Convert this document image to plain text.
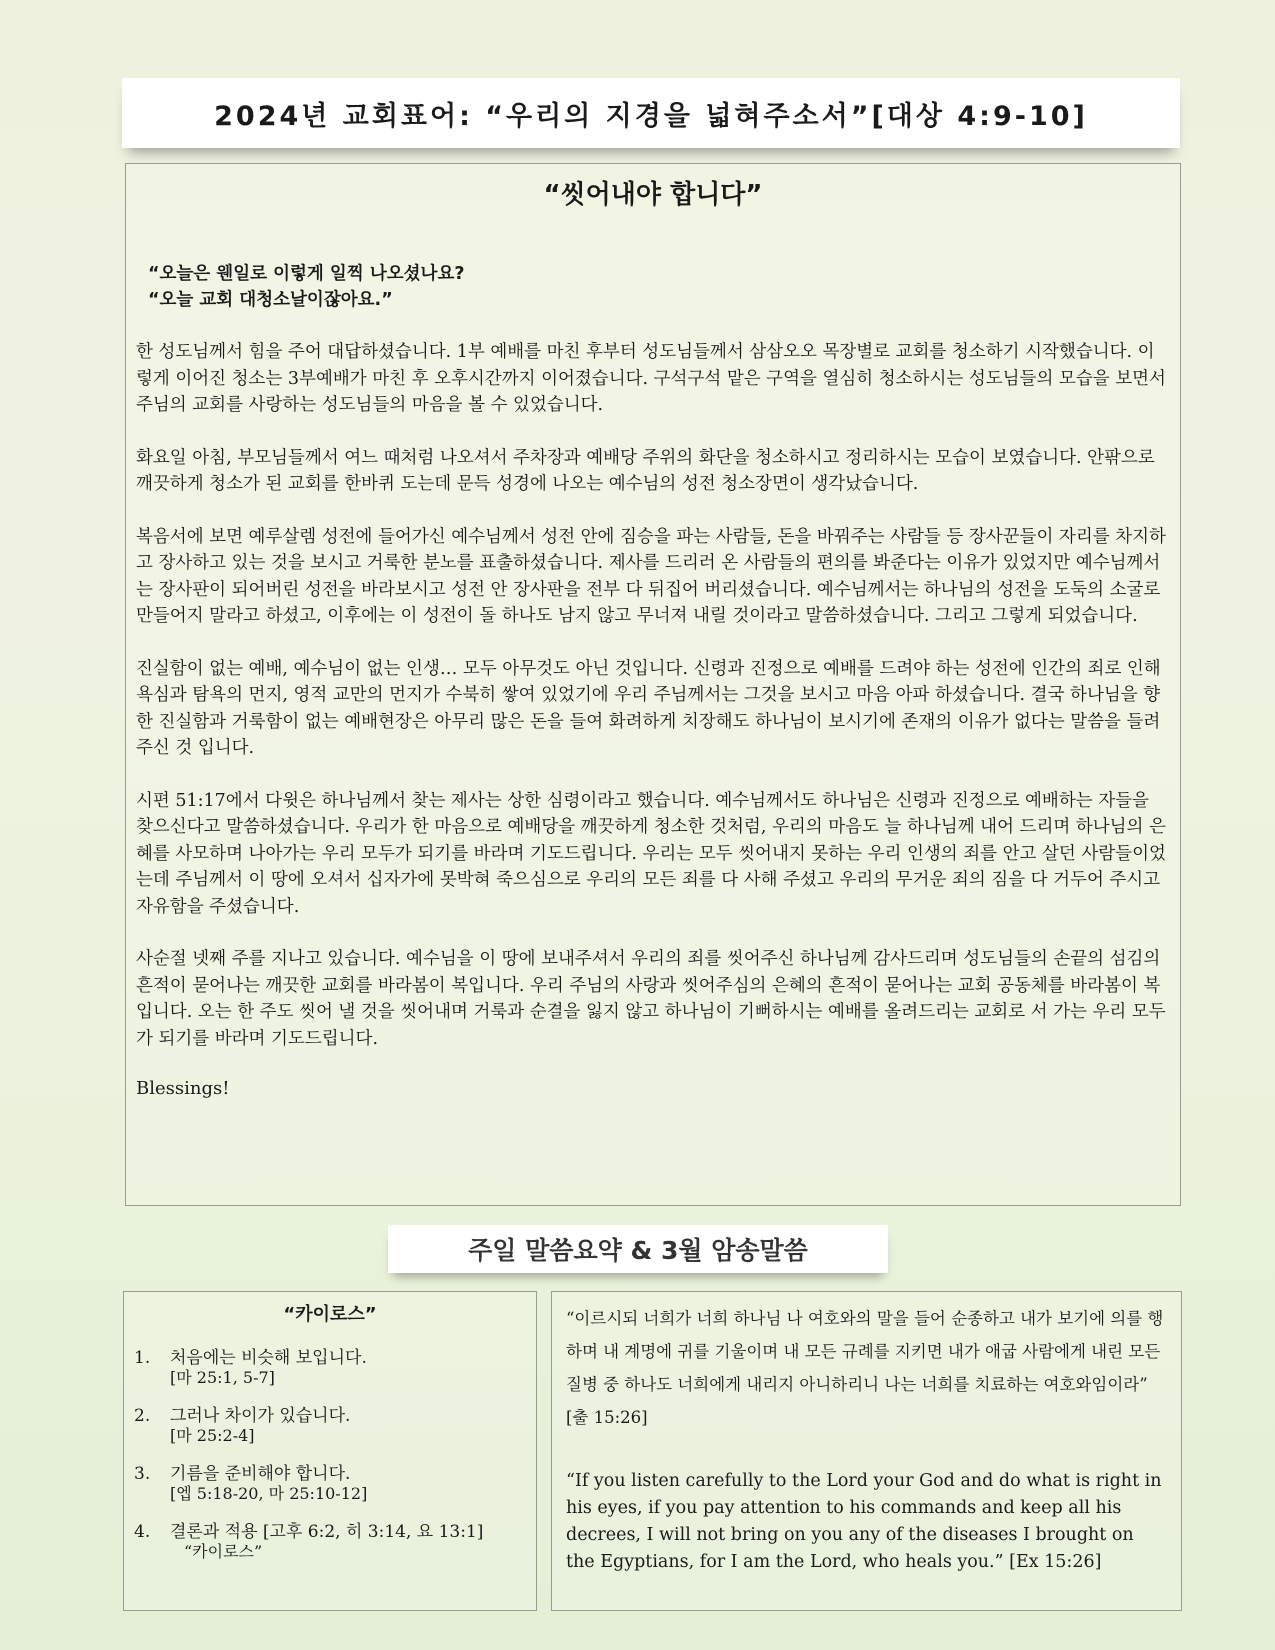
2024년 교회표어: “우리의 지경을 넓혀주소서”[대상 4:9-10]
“씻어내야 합니다”
“오늘은 웬일로 이렇게 일찍 나오셨나요?
“오늘 교회 대청소날이잖아요.”

한 성도님께서 힘을 주어 대답하셨습니다. 1부 예배를 마친 후부터 성도님들께서 삼삼오오 목장별로 교회를 청소하기 시작했습니다. 이렇게 이어진 청소는 3부예배가 마친 후 오후시간까지 이어졌습니다. 구석구석 맡은 구역을 열심히 청소하시는 성도님들의 모습을 보면서 주님의 교회를 사랑하는 성도님들의 마음을 볼 수 있었습니다.

화요일 아침, 부모님들께서 여느 때처럼 나오셔서 주차장과 예배당 주위의 화단을 청소하시고 정리하시는 모습이 보였습니다. 안팎으로 깨끗하게 청소가 된 교회를 한바퀴 도는데 문득 성경에 나오는 예수님의 성전 청소장면이 생각났습니다.

복음서에 보면 예루살렘 성전에 들어가신 예수님께서 성전 안에 짐승을 파는 사람들, 돈을 바꿔주는 사람들 등 장사꾼들이 자리를 차지하고 장사하고 있는 것을 보시고 거룩한 분노를 표출하셨습니다. 제사를 드리러 온 사람들의 편의를 봐준다는 이유가 있었지만 예수님께서는 장사판이 되어버린 성전을 바라보시고 성전 안 장사판을 전부 다 뒤집어 버리셨습니다. 예수님께서는 하나님의 성전을 도둑의 소굴로 만들어지 말라고 하셨고, 이후에는 이 성전이 돌 하나도 남지 않고 무너져 내릴 것이라고 말씀하셨습니다. 그리고 그렇게 되었습니다.

진실함이 없는 예배, 예수님이 없는 인생… 모두 아무것도 아닌 것입니다. 신령과 진정으로 예배를 드려야 하는 성전에 인간의 죄로 인해 욕심과 탐욕의 먼지, 영적 교만의 먼지가 수북히 쌓여 있었기에 우리 주님께서는 그것을 보시고 마음 아파 하셨습니다. 결국 하나님을 향한 진실함과 거룩함이 없는 예배현장은 아무리 많은 돈을 들여 화려하게 치장해도 하나님이 보시기에 존재의 이유가 없다는 말씀을 들려주신 것 입니다.

시편 51:17에서 다윗은 하나님께서 찾는 제사는 상한 심령이라고 했습니다. 예수님께서도 하나님은 신령과 진정으로 예배하는 자들을 찾으신다고 말씀하셨습니다. 우리가 한 마음으로 예배당을 깨끗하게 청소한 것처럼, 우리의 마음도 늘 하나님께 내어 드리며 하나님의 은혜를 사모하며 나아가는 우리 모두가 되기를 바라며 기도드립니다. 우리는 모두 씻어내지 못하는 우리 인생의 죄를 안고 살던 사람들이었는데 주님께서 이 땅에 오셔서 십자가에 못박혀 죽으심으로 우리의 모든 죄를 다 사해 주셨고 우리의 무거운 죄의 짐을 다 거두어 주시고 자유함을 주셨습니다.

사순절 넷째 주를 지나고 있습니다. 예수님을 이 땅에 보내주셔서 우리의 죄를 씻어주신 하나님께 감사드리며 성도님들의 손끝의 섬김의 흔적이 묻어나는 깨끗한 교회를 바라봄이 복입니다. 우리 주님의 사랑과 씻어주심의 은혜의 흔적이 묻어나는 교회 공동체를 바라봄이 복입니다. 오는 한 주도 씻어 낼 것을 씻어내며 거룩과 순결을 잃지 않고 하나님이 기뻐하시는 예배를 올려드리는 교회로 서 가는 우리 모두가 되기를 바라며 기도드립니다.

Blessings!
주일 말씀요약 & 3월 암송말씀
“카이로스”
1.	처음에는 비슷해 보입니다.
[마 25:1, 5-7]
2.	그러나 차이가 있습니다.
[마 25:2-4]
3.	기름을 준비해야 합니다.
[엡 5:18-20, 마 25:10-12]
4.	결론과 적용 [고후 6:2, 히 3:14, 요 13:1]
“카이로스”

“이르시되 너희가 너희 하나님 나 여호와의 말을 들어 순종하고 내가 보기에 의를 행하며 내 계명에 귀를 기울이며 내 모든 규례를 지키면 내가 애굽 사람에게 내린 모든 질병 중 하나도 너희에게 내리지 아니하리니 나는 너희를 치료하는 여호와임이라” [출 15:26]

“If you listen carefully to the Lord your God and do what is right in his eyes, if you pay attention to his commands and keep all his decrees, I will not bring on you any of the diseases I brought on the Egyptians, for I am the Lord, who heals you.” [Ex 15:26]
